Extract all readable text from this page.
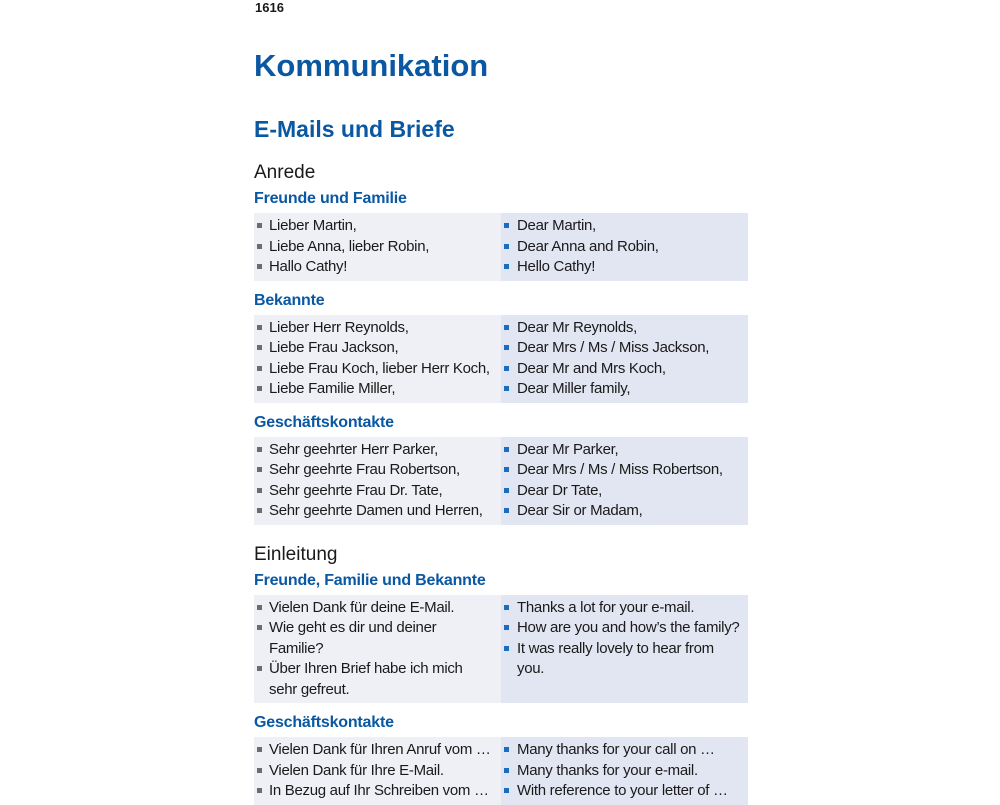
1616
Kommunikation
E-Mails und Briefe
Anrede
Freunde und Familie
Lieber Martin,
Liebe Anna, lieber Robin,
Hallo Cathy!
Dear Martin,
Dear Anna and Robin,
Hello Cathy!
Bekannte
Lieber Herr Reynolds,
Liebe Frau Jackson,
Liebe Frau Koch, lieber Herr Koch,
Liebe Familie Miller,
Dear Mr Reynolds,
Dear Mrs / Ms / Miss Jackson,
Dear Mr and Mrs Koch,
Dear Miller family,
Geschäftskontakte
Sehr geehrter Herr Parker,
Sehr geehrte Frau Robertson,
Sehr geehrte Frau Dr. Tate,
Sehr geehrte Damen und Herren,
Dear Mr Parker,
Dear Mrs / Ms / Miss Robertson,
Dear Dr Tate,
Dear Sir or Madam,
Einleitung
Freunde, Familie und Bekannte
Vielen Dank für deine E-Mail.
Wie geht es dir und deiner Familie?
Über Ihren Brief habe ich mich sehr gefreut.
Thanks a lot for your e-mail.
How are you and how’s the family?
It was really lovely to hear from you.
Geschäftskontakte
Vielen Dank für Ihren Anruf vom …
Vielen Dank für Ihre E-Mail.
In Bezug auf Ihr Schreiben vom …
Many thanks for your call on …
Many thanks for your e-mail.
With reference to your letter of …
